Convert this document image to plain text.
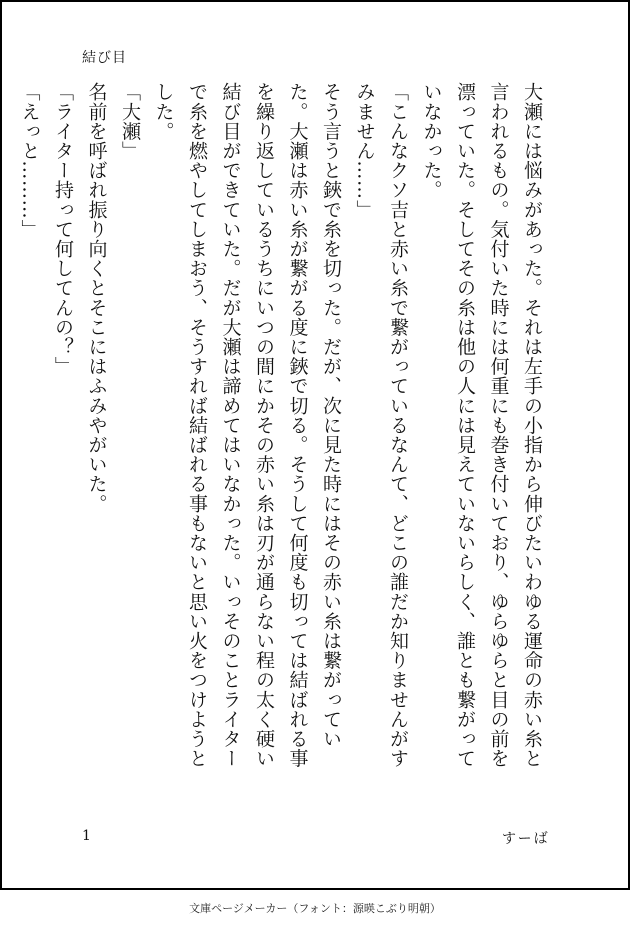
結び目

大瀬には悩みがあった。それは左手の小指から伸びたいわゆる運命の赤い糸と言われるもの。気付いた時には何重にも巻き付いており、ゆらゆらと目の前を漂っていた。そしてその糸は他の人には見えていないらしく、誰とも繋がっていなかった。

「こんなクソ吉と赤い糸で繋がっているなんて、どこの誰だか知りませんがすみません……」

そう言うと鋏で糸を切った。だが、次に見た時にはその赤い糸は繋がっていた。大瀬は赤い糸が繋がる度に鋏で切る。そうして何度も切っては結ばれる事を繰り返しているうちにいつの間にかその赤い糸は刃が通らない程の太く硬い結び目ができていた。だが大瀬は諦めてはいなかった。いっそのことライターで糸を燃やしてしまおう、そうすれば結ばれる事もないと思い火をつけようとした。

「大瀬」

名前を呼ばれ振り向くとそこにはふみやがいた。

「ライター持って何してんの？」

「えっと………」

1	すーば
文庫ページメーカー（フォント：源暎こぶり明朝）
